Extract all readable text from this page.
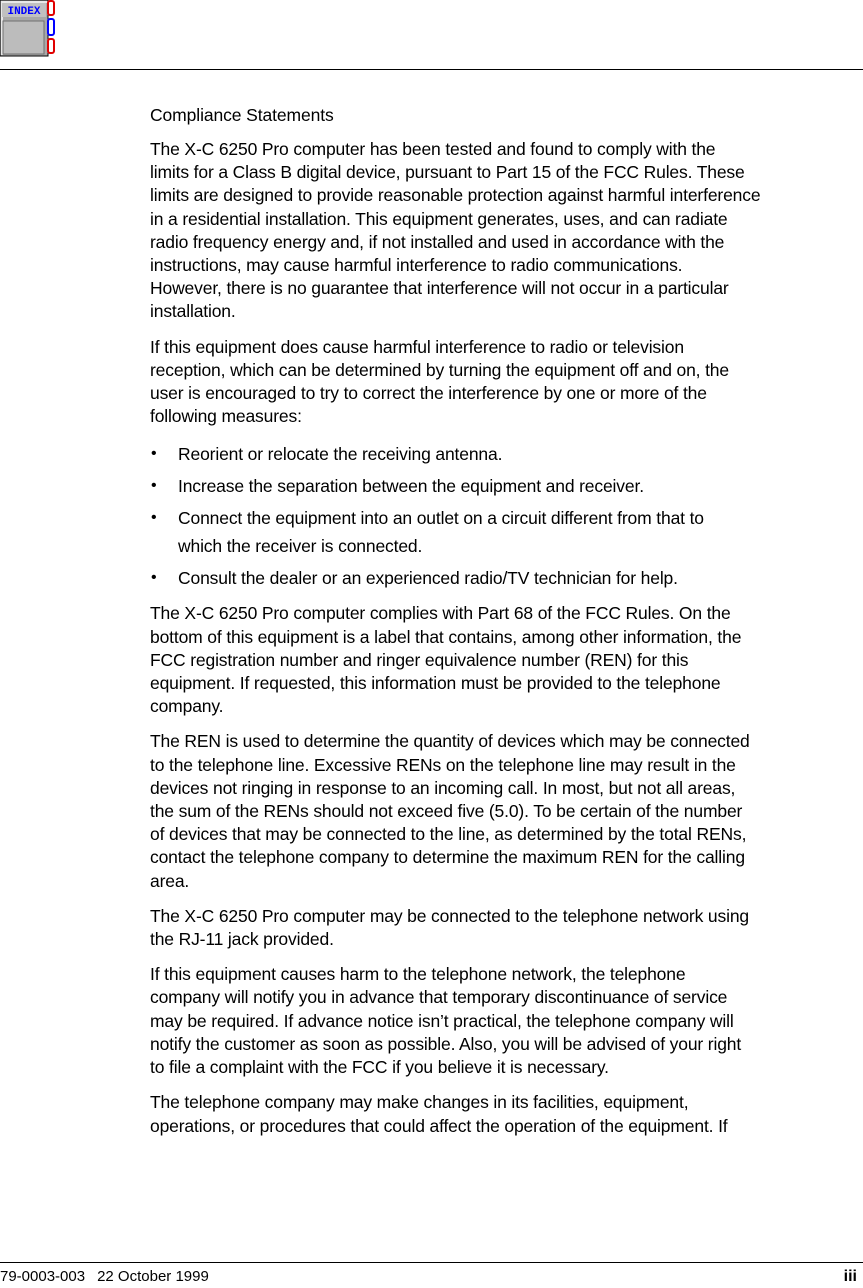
INDEX
Compliance Statements
The X-C 6250 Pro computer has been tested and found to comply with the
limits for a Class B digital device, pursuant to Part 15 of the FCC Rules. These
limits are designed to provide reasonable protection against harmful interference
in a residential installation. This equipment generates, uses, and can radiate
radio frequency energy and, if not installed and used in accordance with the
instructions, may cause harmful interference to radio communications.
However, there is no guarantee that interference will not occur in a particular
installation.
If this equipment does cause harmful interference to radio or television
reception, which can be determined by turning the equipment off and on, the
user is encouraged to try to correct the interference by one or more of the
following measures:
• Reorient or relocate the receiving antenna.
• Increase the separation between the equipment and receiver.
• Connect the equipment into an outlet on a circuit different from that to
which the receiver is connected.
• Consult the dealer or an experienced radio/TV technician for help.
The X-C 6250 Pro computer complies with Part 68 of the FCC Rules. On the
bottom of this equipment is a label that contains, among other information, the
FCC registration number and ringer equivalence number (REN) for this
equipment. If requested, this information must be provided to the telephone
company.
The REN is used to determine the quantity of devices which may be connected
to the telephone line. Excessive RENs on the telephone line may result in the
devices not ringing in response to an incoming call. In most, but not all areas,
the sum of the RENs should not exceed five (5.0). To be certain of the number
of devices that may be connected to the line, as determined by the total RENs,
contact the telephone company to determine the maximum REN for the calling
area.
The X-C 6250 Pro computer may be connected to the telephone network using
the RJ-11 jack provided.
If this equipment causes harm to the telephone network, the telephone
company will notify you in advance that temporary discontinuance of service
may be required. If advance notice isn’t practical, the telephone company will
notify the customer as soon as possible. Also, you will be advised of your right
to file a complaint with the FCC if you believe it is necessary.
The telephone company may make changes in its facilities, equipment,
operations, or procedures that could affect the operation of the equipment. If
79-0003-003 22 October 1999	iii
